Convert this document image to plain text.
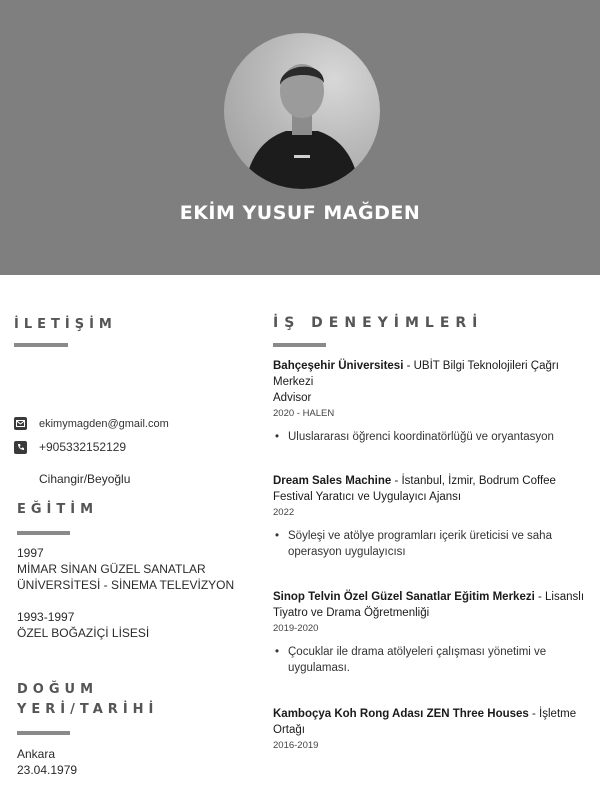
EKİM YUSUF MAĞDEN
İLETİŞİM
ekimymagden@gmail.com
+905332152129
Cihangir/Beyoğlu
EĞİTİM
1997
MİMAR SİNAN GÜZEL SANATLAR
ÜNİVERSİTESİ - SİNEMA TELEVİZYON
1993-1997
ÖZEL BOĞAZİÇİ LİSESİ
DOĞUM
YERİ/TARİHİ
Ankara
23.04.1979
İŞ DENEYİMLERİ
Bahçeşehir Üniversitesi - UBİT Bilgi Teknolojileri Çağrı Merkezi
Advisor
2020 - HALEN
• Uluslararası öğrenci koordinatörlüğü ve oryantasyon
Dream Sales Machine - İstanbul, İzmir, Bodrum Coffee Festival Yaratıcı ve Uygulayıcı Ajansı
2022
• Söyleşi ve atölye programları içerik üreticisi ve saha operasyon uygulayıcısı
Sinop Telvin Özel Güzel Sanatlar Eğitim Merkezi - Lisanslı Tiyatro ve Drama Öğretmenliği
2019-2020
• Çocuklar ile drama atölyeleri çalışması yönetimi ve uygulaması.
Kamboçya Koh Rong Adası ZEN Three Houses - İşletme Ortağı
2016-2019
